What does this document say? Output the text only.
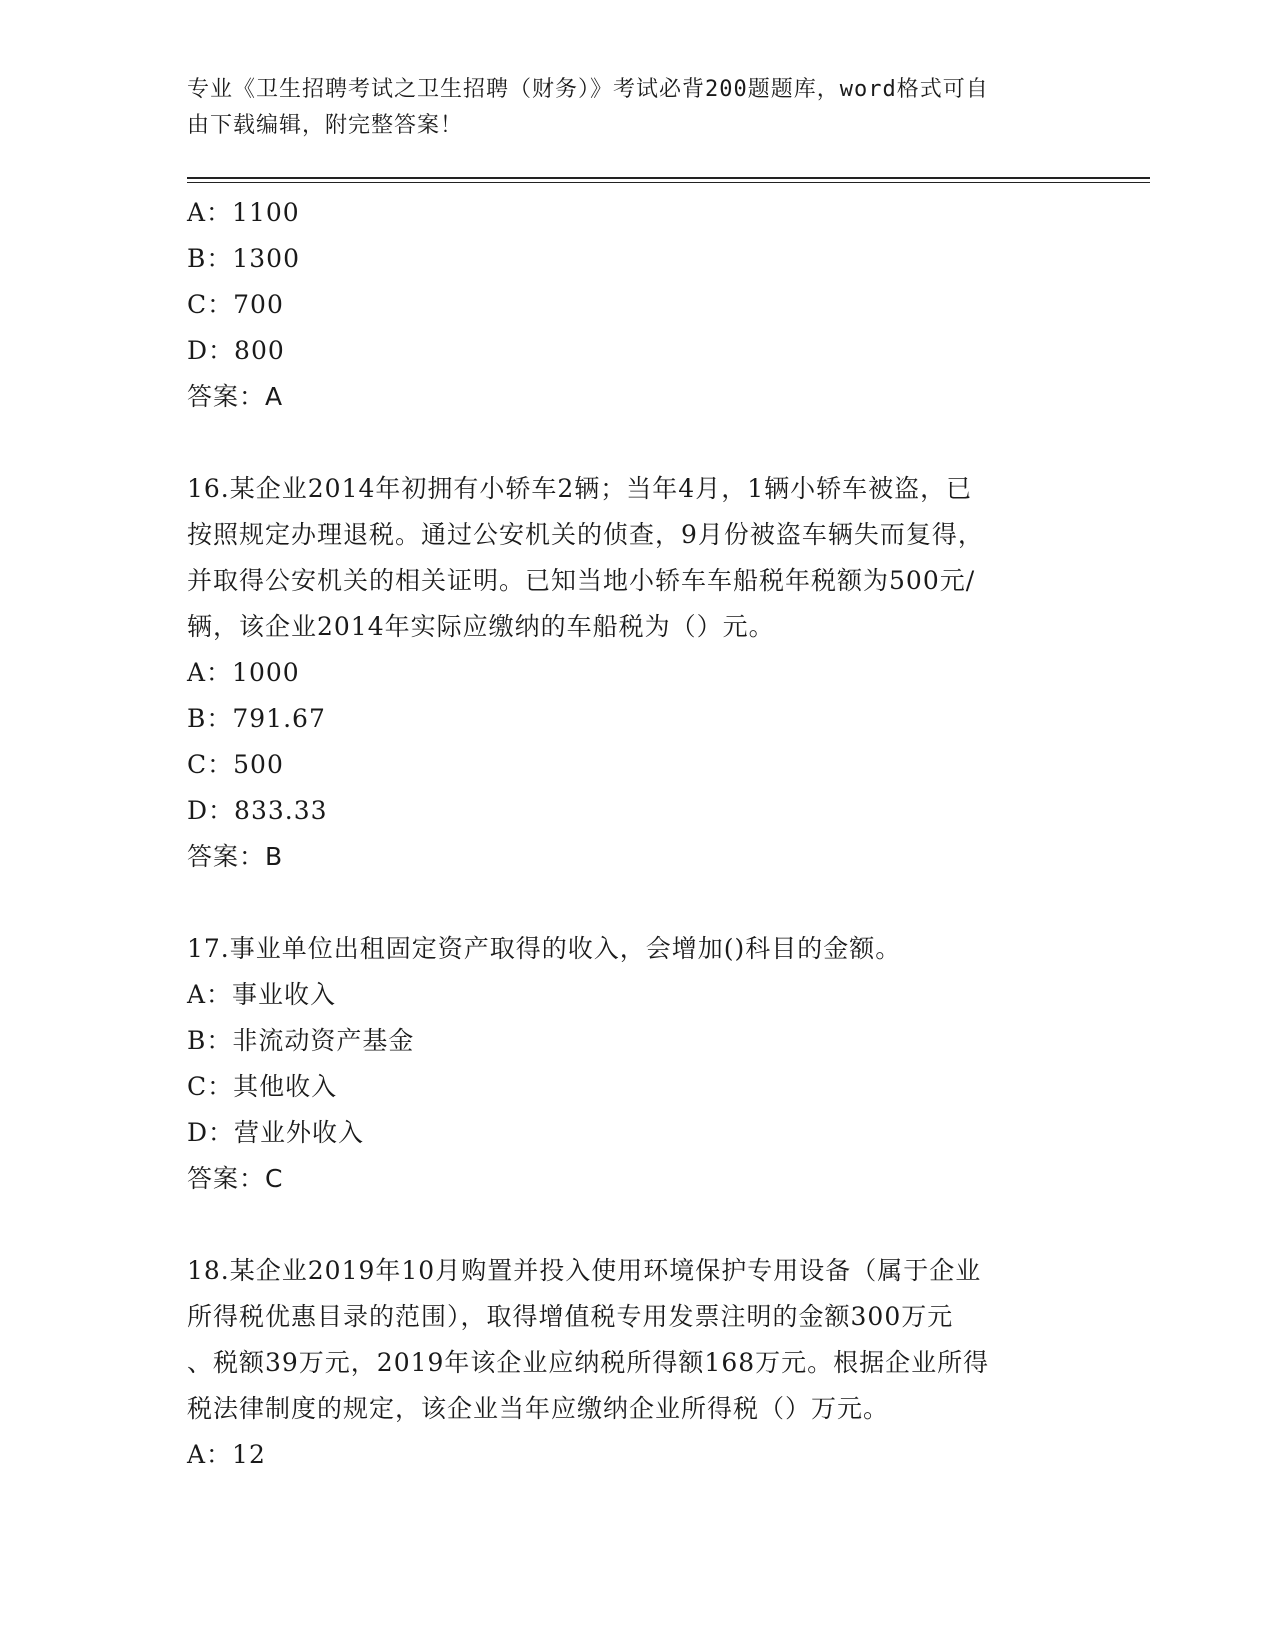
专业《卫生招聘考试之卫生招聘（财务）》考试必背200题题库，word格式可自
由下载编辑，附完整答案！
A：1100
B：1300
C：700
D：800
答案：A
16.某企业2014年初拥有小轿车2辆；当年4月，1辆小轿车被盗，已
按照规定办理退税。通过公安机关的侦查，9月份被盗车辆失而复得，
并取得公安机关的相关证明。已知当地小轿车车船税年税额为500元/
辆，该企业2014年实际应缴纳的车船税为（）元。
A：1000
B：791.67
C：500
D：833.33
答案：B
17.事业单位出租固定资产取得的收入，会增加()科目的金额。
A：事业收入
B：非流动资产基金
C：其他收入
D：营业外收入
答案：C
18.某企业2019年10月购置并投入使用环境保护专用设备（属于企业
所得税优惠目录的范围），取得增值税专用发票注明的金额300万元
、税额39万元，2019年该企业应纳税所得额168万元。根据企业所得
税法律制度的规定，该企业当年应缴纳企业所得税（）万元。
A：12
